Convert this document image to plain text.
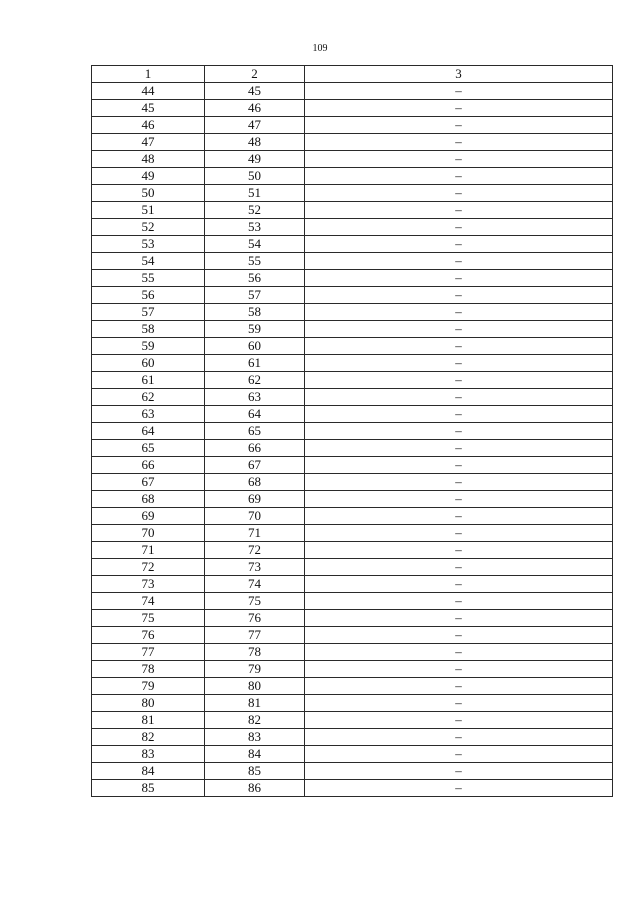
109
1	2	3
44	45	–
45	46	–
46	47	–
47	48	–
48	49	–
49	50	–
50	51	–
51	52	–
52	53	–
53	54	–
54	55	–
55	56	–
56	57	–
57	58	–
58	59	–
59	60	–
60	61	–
61	62	–
62	63	–
63	64	–
64	65	–
65	66	–
66	67	–
67	68	–
68	69	–
69	70	–
70	71	–
71	72	–
72	73	–
73	74	–
74	75	–
75	76	–
76	77	–
77	78	–
78	79	–
79	80	–
80	81	–
81	82	–
82	83	–
83	84	–
84	85	–
85	86	–
